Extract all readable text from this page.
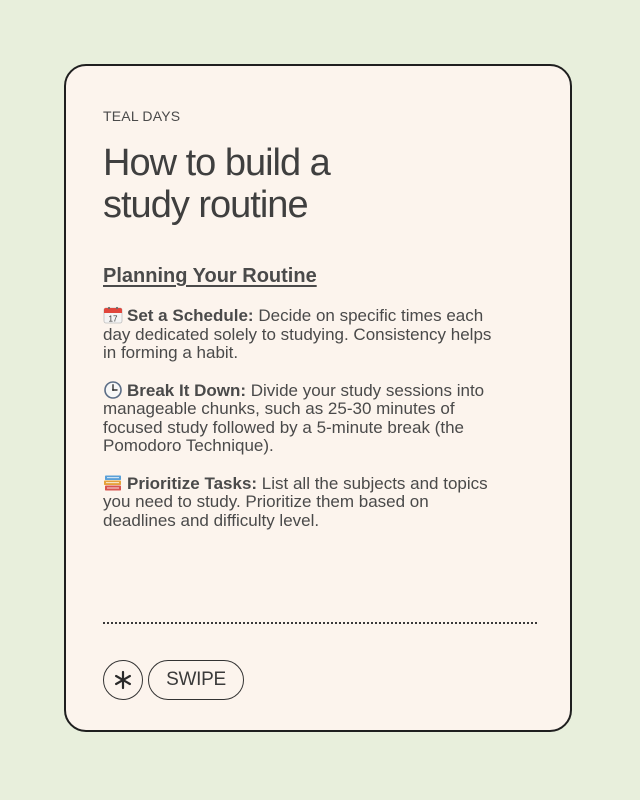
TEAL DAYS
How to build a
study routine
Planning Your Routine

17 Set a Schedule: Decide on specific times each day dedicated solely to studying. Consistency helps in forming a habit.

Break It Down: Divide your study sessions into manageable chunks, such as 25-30 minutes of focused study followed by a 5-minute break (the Pomodoro Technique).

Prioritize Tasks: List all the subjects and topics you need to study. Prioritize them based on deadlines and difficulty level.

SWIPE
